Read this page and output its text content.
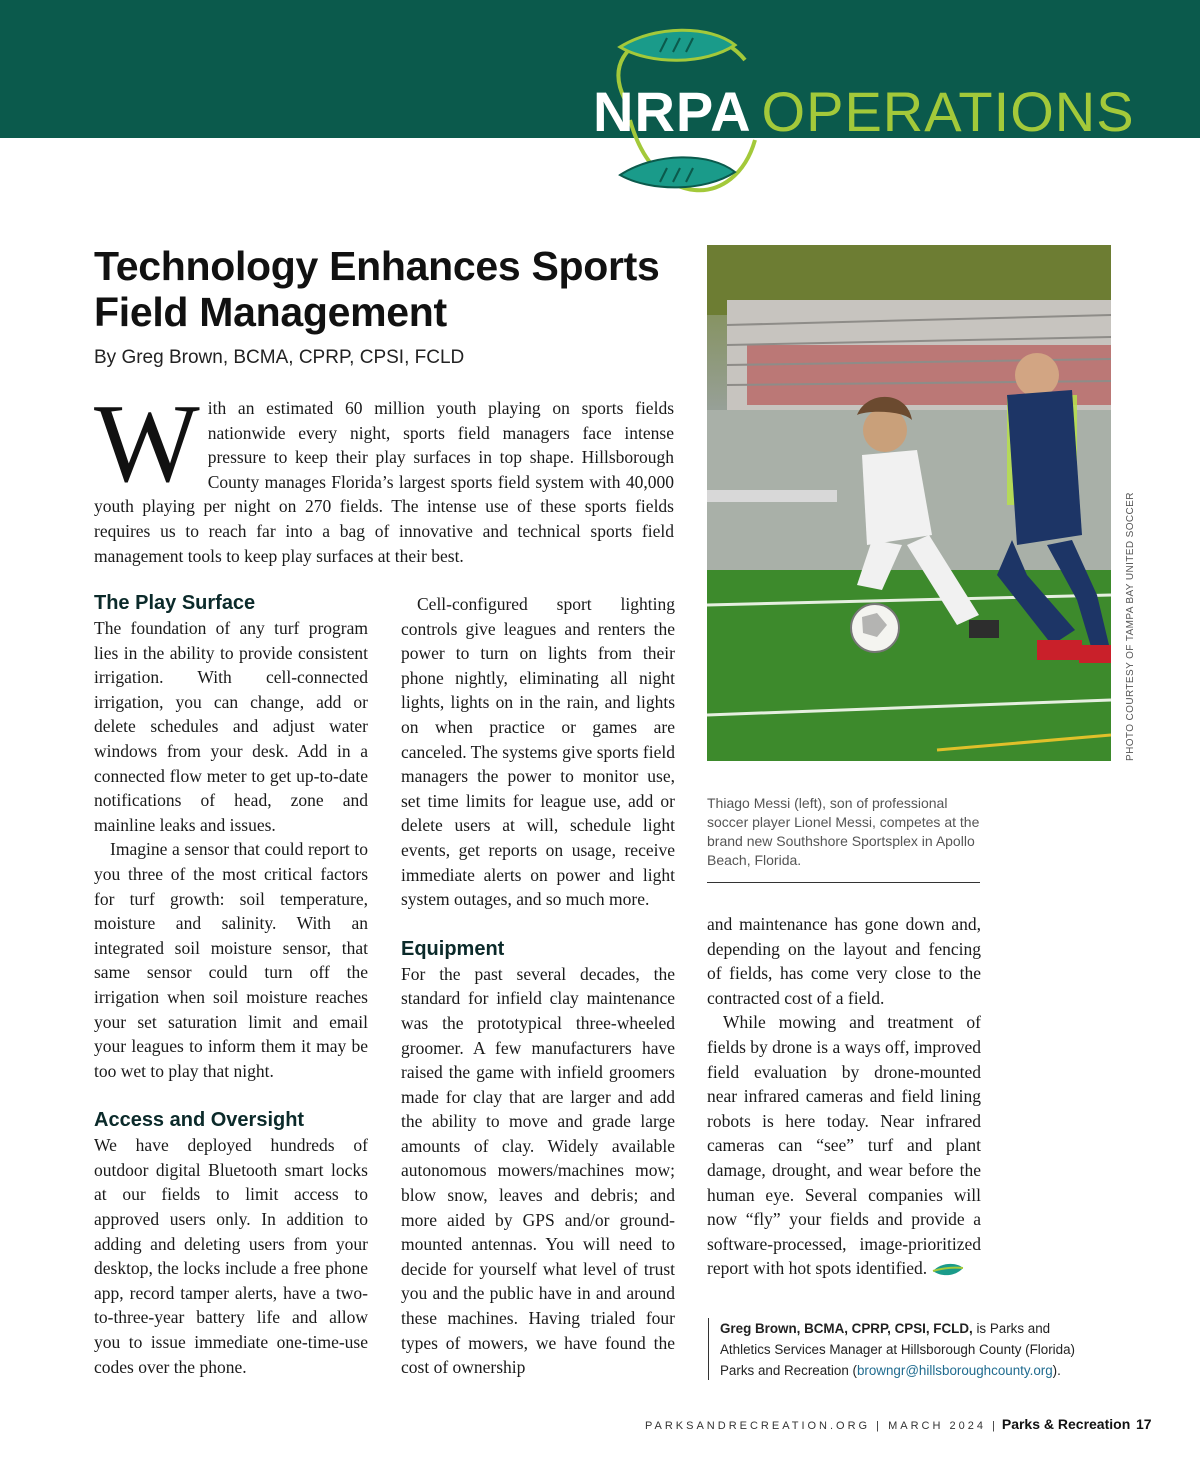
NRPA OPERATIONS
Technology Enhances Sports Field Management
By Greg Brown, BCMA, CPRP, CPSI, FCLD
With an estimated 60 million youth playing on sports fields nationwide every night, sports field managers face intense pressure to keep their play surfaces in top shape. Hillsborough County manages Florida’s largest sports field system with 40,000 youth playing per night on 270 fields. The intense use of these sports fields requires us to reach far into a bag of innovative and technical sports field management tools to keep play surfaces at their best.
The Play Surface

The foundation of any turf program lies in the ability to provide consistent irrigation. With cell-connected irrigation, you can change, add or delete schedules and adjust water windows from your desk. Add in a connected flow meter to get up-to-date notifications of head, zone and mainline leaks and issues.

Imagine a sensor that could report to you three of the most critical factors for turf growth: soil temperature, moisture and salinity. With an integrated soil moisture sensor, that same sensor could turn off the irrigation when soil moisture reaches your set saturation limit and email your leagues to inform them it may be too wet to play that night.

Access and Oversight

We have deployed hundreds of outdoor digital Bluetooth smart locks at our fields to limit access to approved users only. In addition to adding and deleting users from your desktop, the locks include a free phone app, record tamper alerts, have a two-to-three-year battery life and allow you to issue immediate one-time-use codes over the phone.

Cell-configured sport lighting controls give leagues and renters the power to turn on lights from their phone nightly, eliminating all night lights, lights on in the rain, and lights on when practice or games are canceled. The systems give sports field managers the power to monitor use, set time limits for league use, add or delete users at will, schedule light events, get reports on usage, receive immediate alerts on power and light system outages, and so much more.

Equipment

For the past several decades, the standard for infield clay maintenance was the prototypical three-wheeled groomer. A few manufacturers have raised the game with infield groomers made for clay that are larger and add the ability to move and grade large amounts of clay. Widely available autonomous mowers/machines mow; blow snow, leaves and debris; and more aided by GPS and/or ground-mounted antennas. You will need to decide for yourself what level of trust you and the public have in and around these machines. Having trialed four types of mowers, we have found the cost of ownership

PHOTO COURTESY OF TAMPA BAY UNITED SOCCER
Thiago Messi (left), son of professional soccer player Lionel Messi, competes at the brand new Southshore Sportsplex in Apollo Beach, Florida.

and maintenance has gone down and, depending on the layout and fencing of fields, has come very close to the contracted cost of a field.

While mowing and treatment of fields by drone is a ways off, improved field evaluation by drone-mounted near infrared cameras and field lining robots is here today. Near infrared cameras can “see” turf and plant damage, drought, and wear before the human eye. Several companies will now “fly” your fields and provide a software-processed, image-prioritized report with hot spots identified.

Greg Brown, BCMA, CPRP, CPSI, FCLD, is Parks and Athletics Services Manager at Hillsborough County (Florida) Parks and Recreation (browngr@hillsboroughcounty.org).
PARKSANDRECREATION.ORG | MARCH 2024 | Parks & Recreation 17
